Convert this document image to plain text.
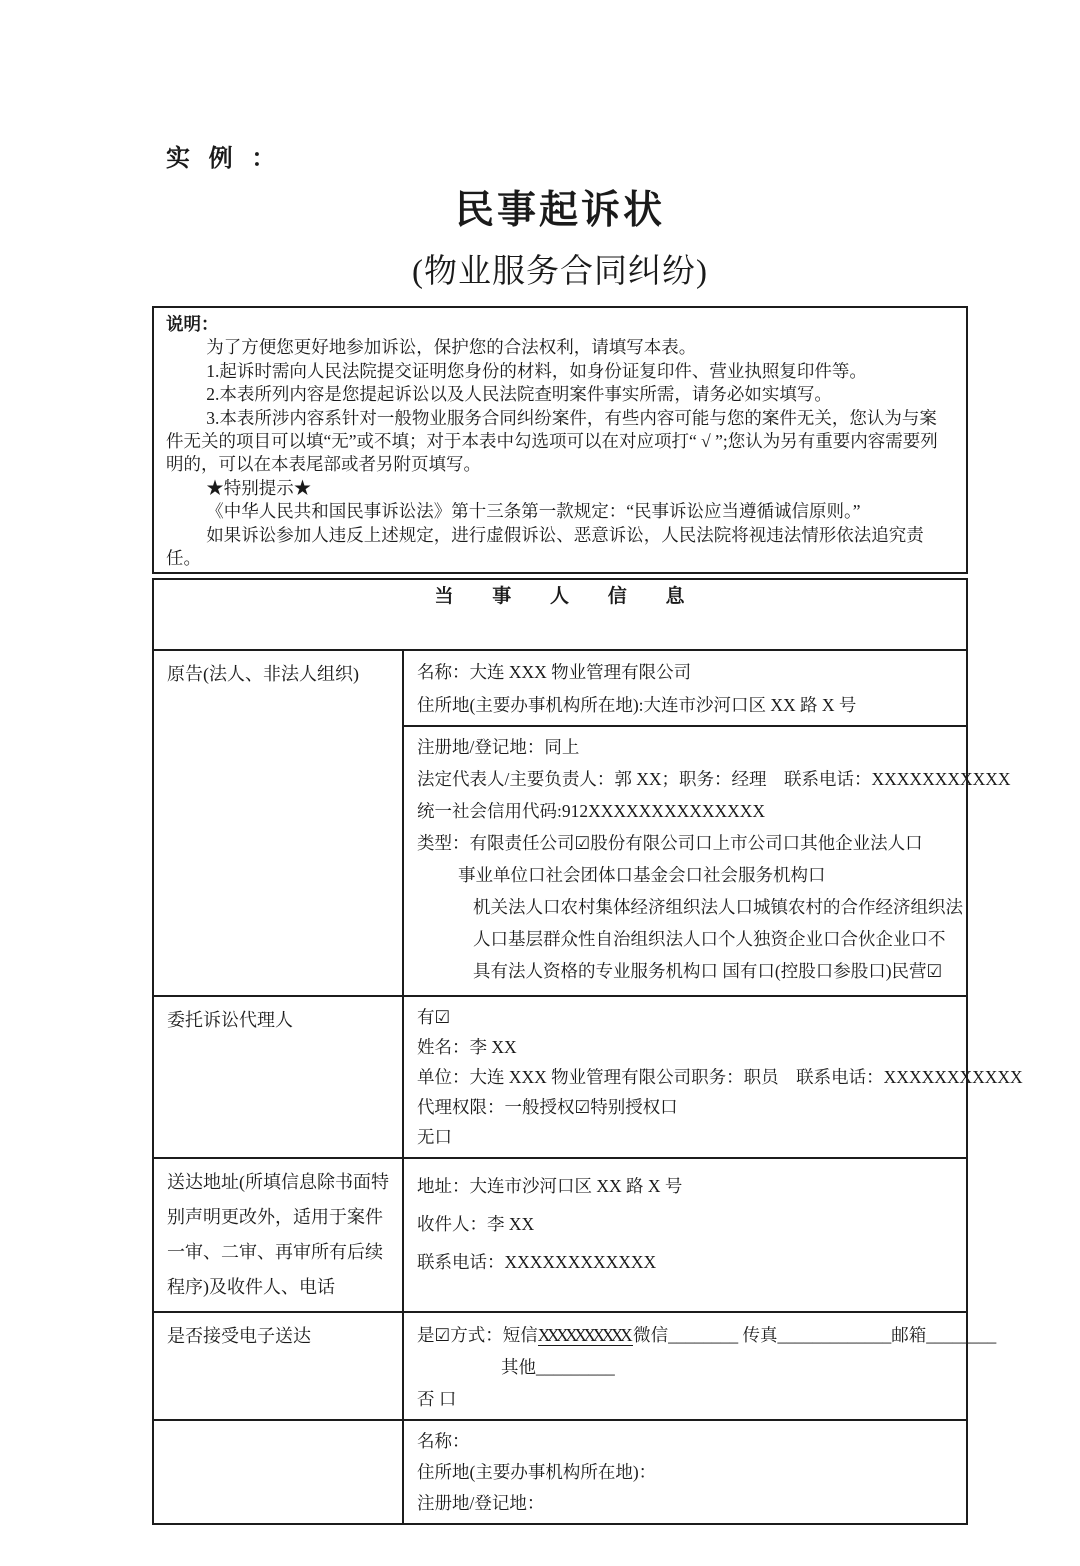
实 例 ：
民事起诉状
(物业服务合同纠纷)

说明：

为了方便您更好地参加诉讼，保护您的合法权利，请填写本表。

1.起诉时需向人民法院提交证明您身份的材料，如身份证复印件、营业执照复印件等。

2.本表所列内容是您提起诉讼以及人民法院查明案件事实所需，请务必如实填写。

3.本表所涉内容系针对一般物业服务合同纠纷案件，有些内容可能与您的案件无关，您认为与案件无关的项目可以填“无”或不填；对于本表中勾选项可以在对应项打“ √ ”;您认为另有重要内容需要列明的，可以在本表尾部或者另附页填写。

★特别提示★

《中华人民共和国民事诉讼法》第十三条第一款规定：“民事诉讼应当遵循诚信原则。”

如果诉讼参加人违反上述规定，进行虚假诉讼、恶意诉讼，人民法院将视违法情形依法追究责任。

当 事 人 信 息	
原告(法人、非法人组织)	名称：大连 XXX 物业管理有限公司
住所地(主要办事机构所在地):大连市沙河口区 XX 路 X 号
注册地/登记地：同上
法定代表人/主要负责人：郭 XX；职务：经理　联系电话：XXXXXXXXXXX
统一社会信用代码:912XXXXXXXXXXXXXX
类型：有限责任公司☑股份有限公司口上市公司口其他企业法人口
事业单位口社会团体口基金会口社会服务机构口
机关法人口农村集体经济组织法人口城镇农村的合作经济组织法
人口基层群众性自治组织法人口个人独资企业口合伙企业口不
具有法人资格的专业服务机构口 国有口(控股口参股口)民营☑

委托诉讼代理人	有☑
姓名：李 XX
单位：大连 XXX 物业管理有限公司职务：职员　联系电话：XXXXXXXXXXX
代理权限：一般授权☑特别授权口
无口

送达地址(所填信息除书面特别声明更改外，适用于案件一审、二审、再审所有后续程序)及收件人、电话	地址：大连市沙河口区 XX 路 X 号
收件人：李 XX
联系电话：XXXXXXXXXXXX

是否接受电子送达	是☑方式：短信XXXXXXXXXX 微信________ 传真_____________邮箱________
其他_________
否 口

	名称：
住所地(主要办事机构所在地)：
注册地/登记地：
